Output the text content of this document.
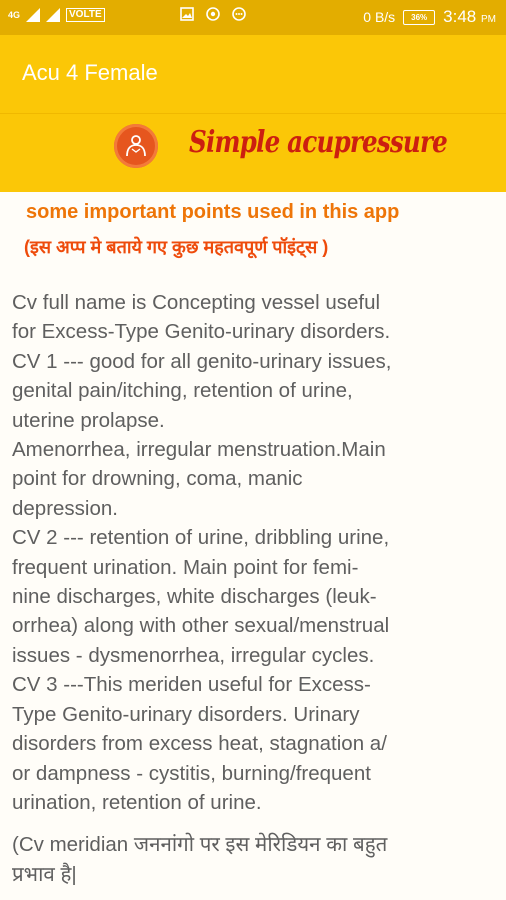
4G	VOLTE	0 B/s	36% 3:48 PM
Acu 4 Female
Simple acupressure
some important points used in this app
(इस अप्प मे बताये गए कुछ महतवपूर्ण पॉइंट्स )

Cv full name is Concepting vessel useful

for Excess-Type Genito-urinary disorders.

CV 1 --- good for all genito-urinary issues,

genital pain/itching, retention of urine,

uterine prolapse.

Amenorrhea, irregular menstruation.Main

point for drowning, coma, manic

depression.

CV 2 --- retention of urine, dribbling urine,

frequent urination. Main point for femi-

nine discharges, white discharges (leuk-

orrhea) along with other sexual/menstrual

issues - dysmenorrhea, irregular cycles.

CV 3 ---This meriden useful for Excess-

Type Genito-urinary disorders. Urinary

disorders from excess heat, stagnation a/

or dampness - cystitis, burning/frequent

urination, retention of urine.

(Cv meridian जननांगो पर इस मेरिडियन का बहुत

प्रभाव है|
